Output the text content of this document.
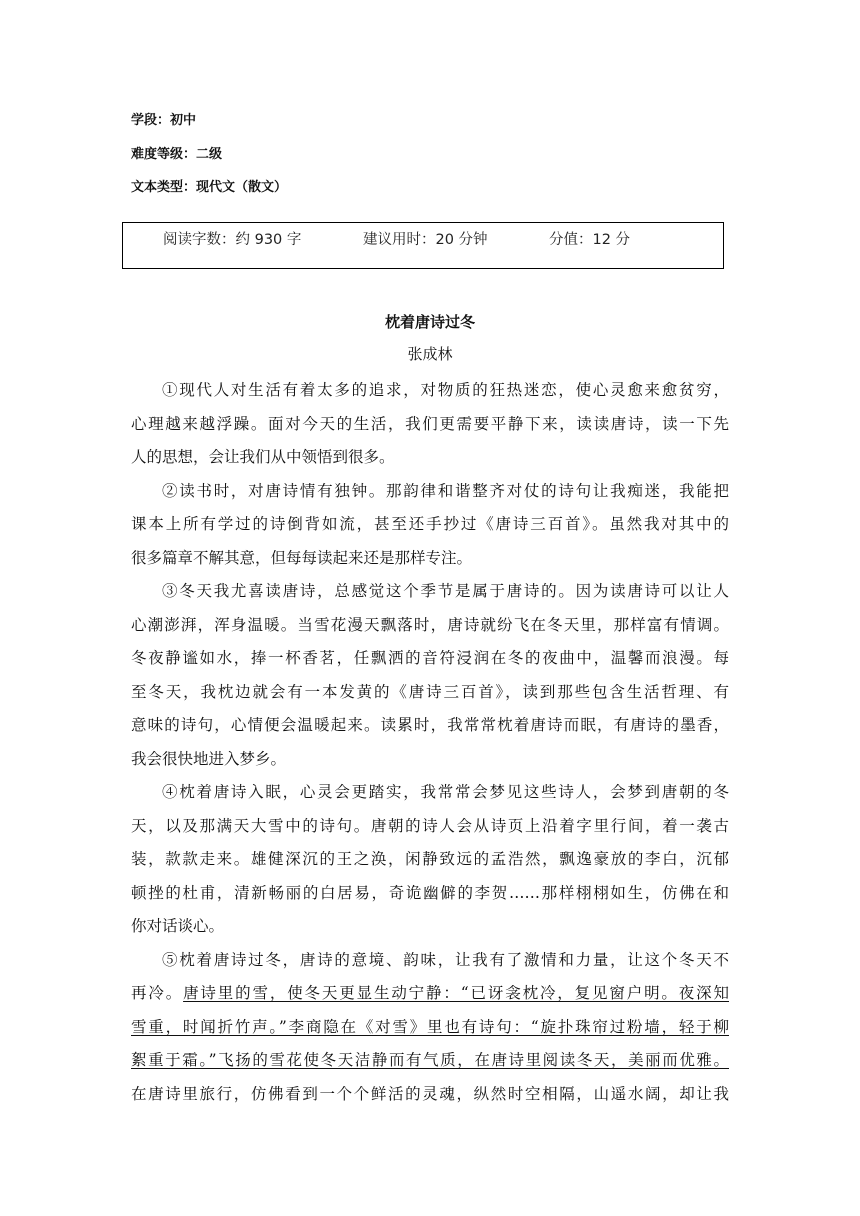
学段：初中
难度等级：二级
文本类型：现代文（散文）
阅读字数：约 930 字	建议用时：20 分钟	分值：12 分
枕着唐诗过冬
张成林
①现代人对生活有着太多的追求，对物质的狂热迷恋，使心灵愈来愈贫穷，
心理越来越浮躁。面对今天的生活，我们更需要平静下来，读读唐诗，读一下先
人的思想，会让我们从中领悟到很多。
②读书时，对唐诗情有独钟。那韵律和谐整齐对仗的诗句让我痴迷，我能把
课本上所有学过的诗倒背如流，甚至还手抄过《唐诗三百首》。虽然我对其中的
很多篇章不解其意，但每每读起来还是那样专注。
③冬天我尤喜读唐诗，总感觉这个季节是属于唐诗的。因为读唐诗可以让人
心潮澎湃，浑身温暖。当雪花漫天飘落时，唐诗就纷飞在冬天里，那样富有情调。
冬夜静谧如水，捧一杯香茗，任飘洒的音符浸润在冬的夜曲中，温馨而浪漫。每
至冬天，我枕边就会有一本发黄的《唐诗三百首》，读到那些包含生活哲理、有
意味的诗句，心情便会温暖起来。读累时，我常常枕着唐诗而眠，有唐诗的墨香，
我会很快地进入梦乡。
④枕着唐诗入眠，心灵会更踏实，我常常会梦见这些诗人，会梦到唐朝的冬
天，以及那满天大雪中的诗句。唐朝的诗人会从诗页上沿着字里行间，着一袭古
装，款款走来。雄健深沉的王之涣，闲静致远的孟浩然，飘逸豪放的李白，沉郁
顿挫的杜甫，清新畅丽的白居易，奇诡幽僻的李贺……那样栩栩如生，仿佛在和
你对话谈心。
⑤枕着唐诗过冬，唐诗的意境、韵味，让我有了激情和力量，让这个冬天不
再冷。唐诗里的雪，使冬天更显生动宁静：“已讶衾枕冷，复见窗户明。夜深知
雪重，时闻折竹声。”李商隐在《对雪》里也有诗句：“旋扑珠帘过粉墙，轻于柳
絮重于霜。”飞扬的雪花使冬天洁静而有气质，在唐诗里阅读冬天，美丽而优雅。
在唐诗里旅行，仿佛看到一个个鲜活的灵魂，纵然时空相隔，山遥水阔，却让我
